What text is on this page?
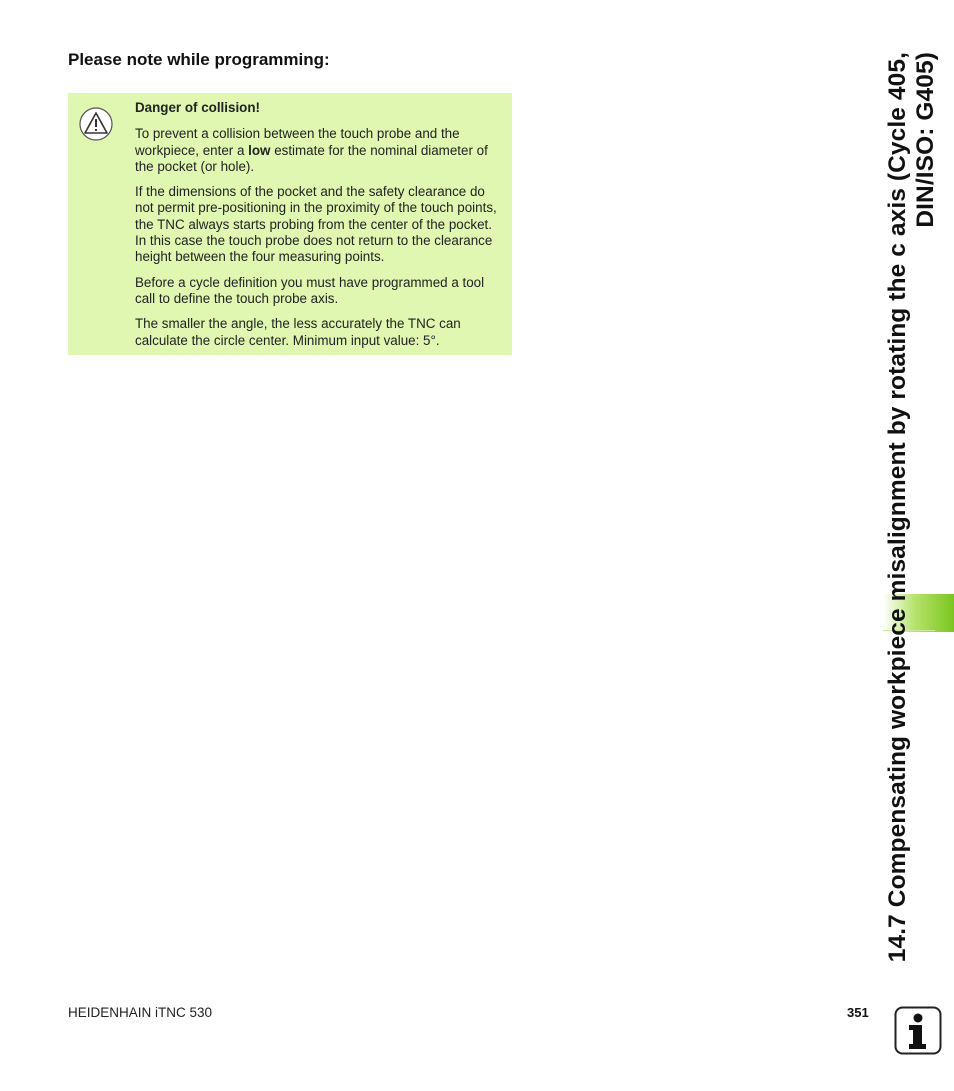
Please note while programming:

Danger of collision!

To prevent a collision between the touch probe and the workpiece, enter a low estimate for the nominal diameter of the pocket (or hole).

If the dimensions of the pocket and the safety clearance do not permit pre-positioning in the proximity of the touch points, the TNC always starts probing from the center of the pocket. In this case the touch probe does not return to the clearance height between the four measuring points.

Before a cycle definition you must have programmed a tool call to define the touch probe axis.

The smaller the angle, the less accurately the TNC can calculate the circle center. Minimum input value: 5°.	14.7 Compensating workpiece misalignment by rotating the c axis (Cycle 405, DIN/ISO: G405)
HEIDENHAIN iTNC 530	351
